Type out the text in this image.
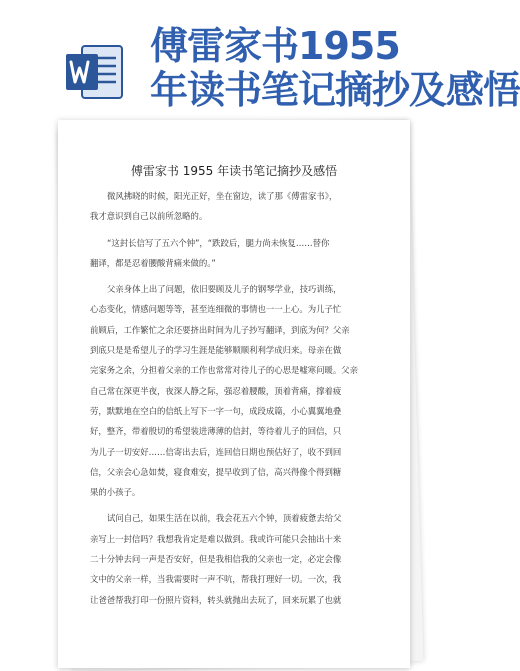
傅雷家书1955
年读书笔记摘抄及感悟
傅雷家书 1955 年读书笔记摘抄及感悟
微风拂晓的时候，阳光正好，坐在窗边，读了那《傅雷家书》，
我才意识到自己以前所忽略的。
“这封长信写了五六个钟”，“跌跤后，腿力尚未恢复……替你
翻译，都是忍着腰酸背痛来做的。”
父亲身体上出了问题，依旧要顾及儿子的钢琴学业，技巧训练，
心态变化，情感问题等等，甚至连细微的事情也一一上心。为儿子忙
前顾后，工作繁忙之余还要挤出时间为儿子抄写翻译，到底为何？父亲
到底只是是希望儿子的学习生涯是能够顺顺利利学成归来。母亲在做
完家务之余，分担着父亲的工作也常常对待儿子的心思是嘘寒问暖。父亲
自己常在深更半夜，夜深人静之际，强忍着腰酸，顶着背痛，撑着疲
劳，默默地在空白的信纸上写下一字一句，成段成篇，小心翼翼地叠
好，整齐，带着殷切的希望装进薄薄的信封，等待着儿子的回信，只
为儿子一切安好……信寄出去后，连回信日期也预估好了，收不到回
信，父亲会心急如焚，寝食难安，提早收到了信，高兴得像个得到糖
果的小孩子。
试问自己，如果生活在以前，我会花五六个钟，顶着疲惫去给父
亲写上一封信吗？我想我肯定是难以做到。我或许可能只会抽出十来
二十分钟去问一声是否安好，但是我相信我的父亲也一定，必定会像
文中的父亲一样，当我需要时一声不吭，帮我打理好一切。一次，我
让爸爸帮我打印一份照片资料，转头就抛出去玩了，回来玩累了也就
